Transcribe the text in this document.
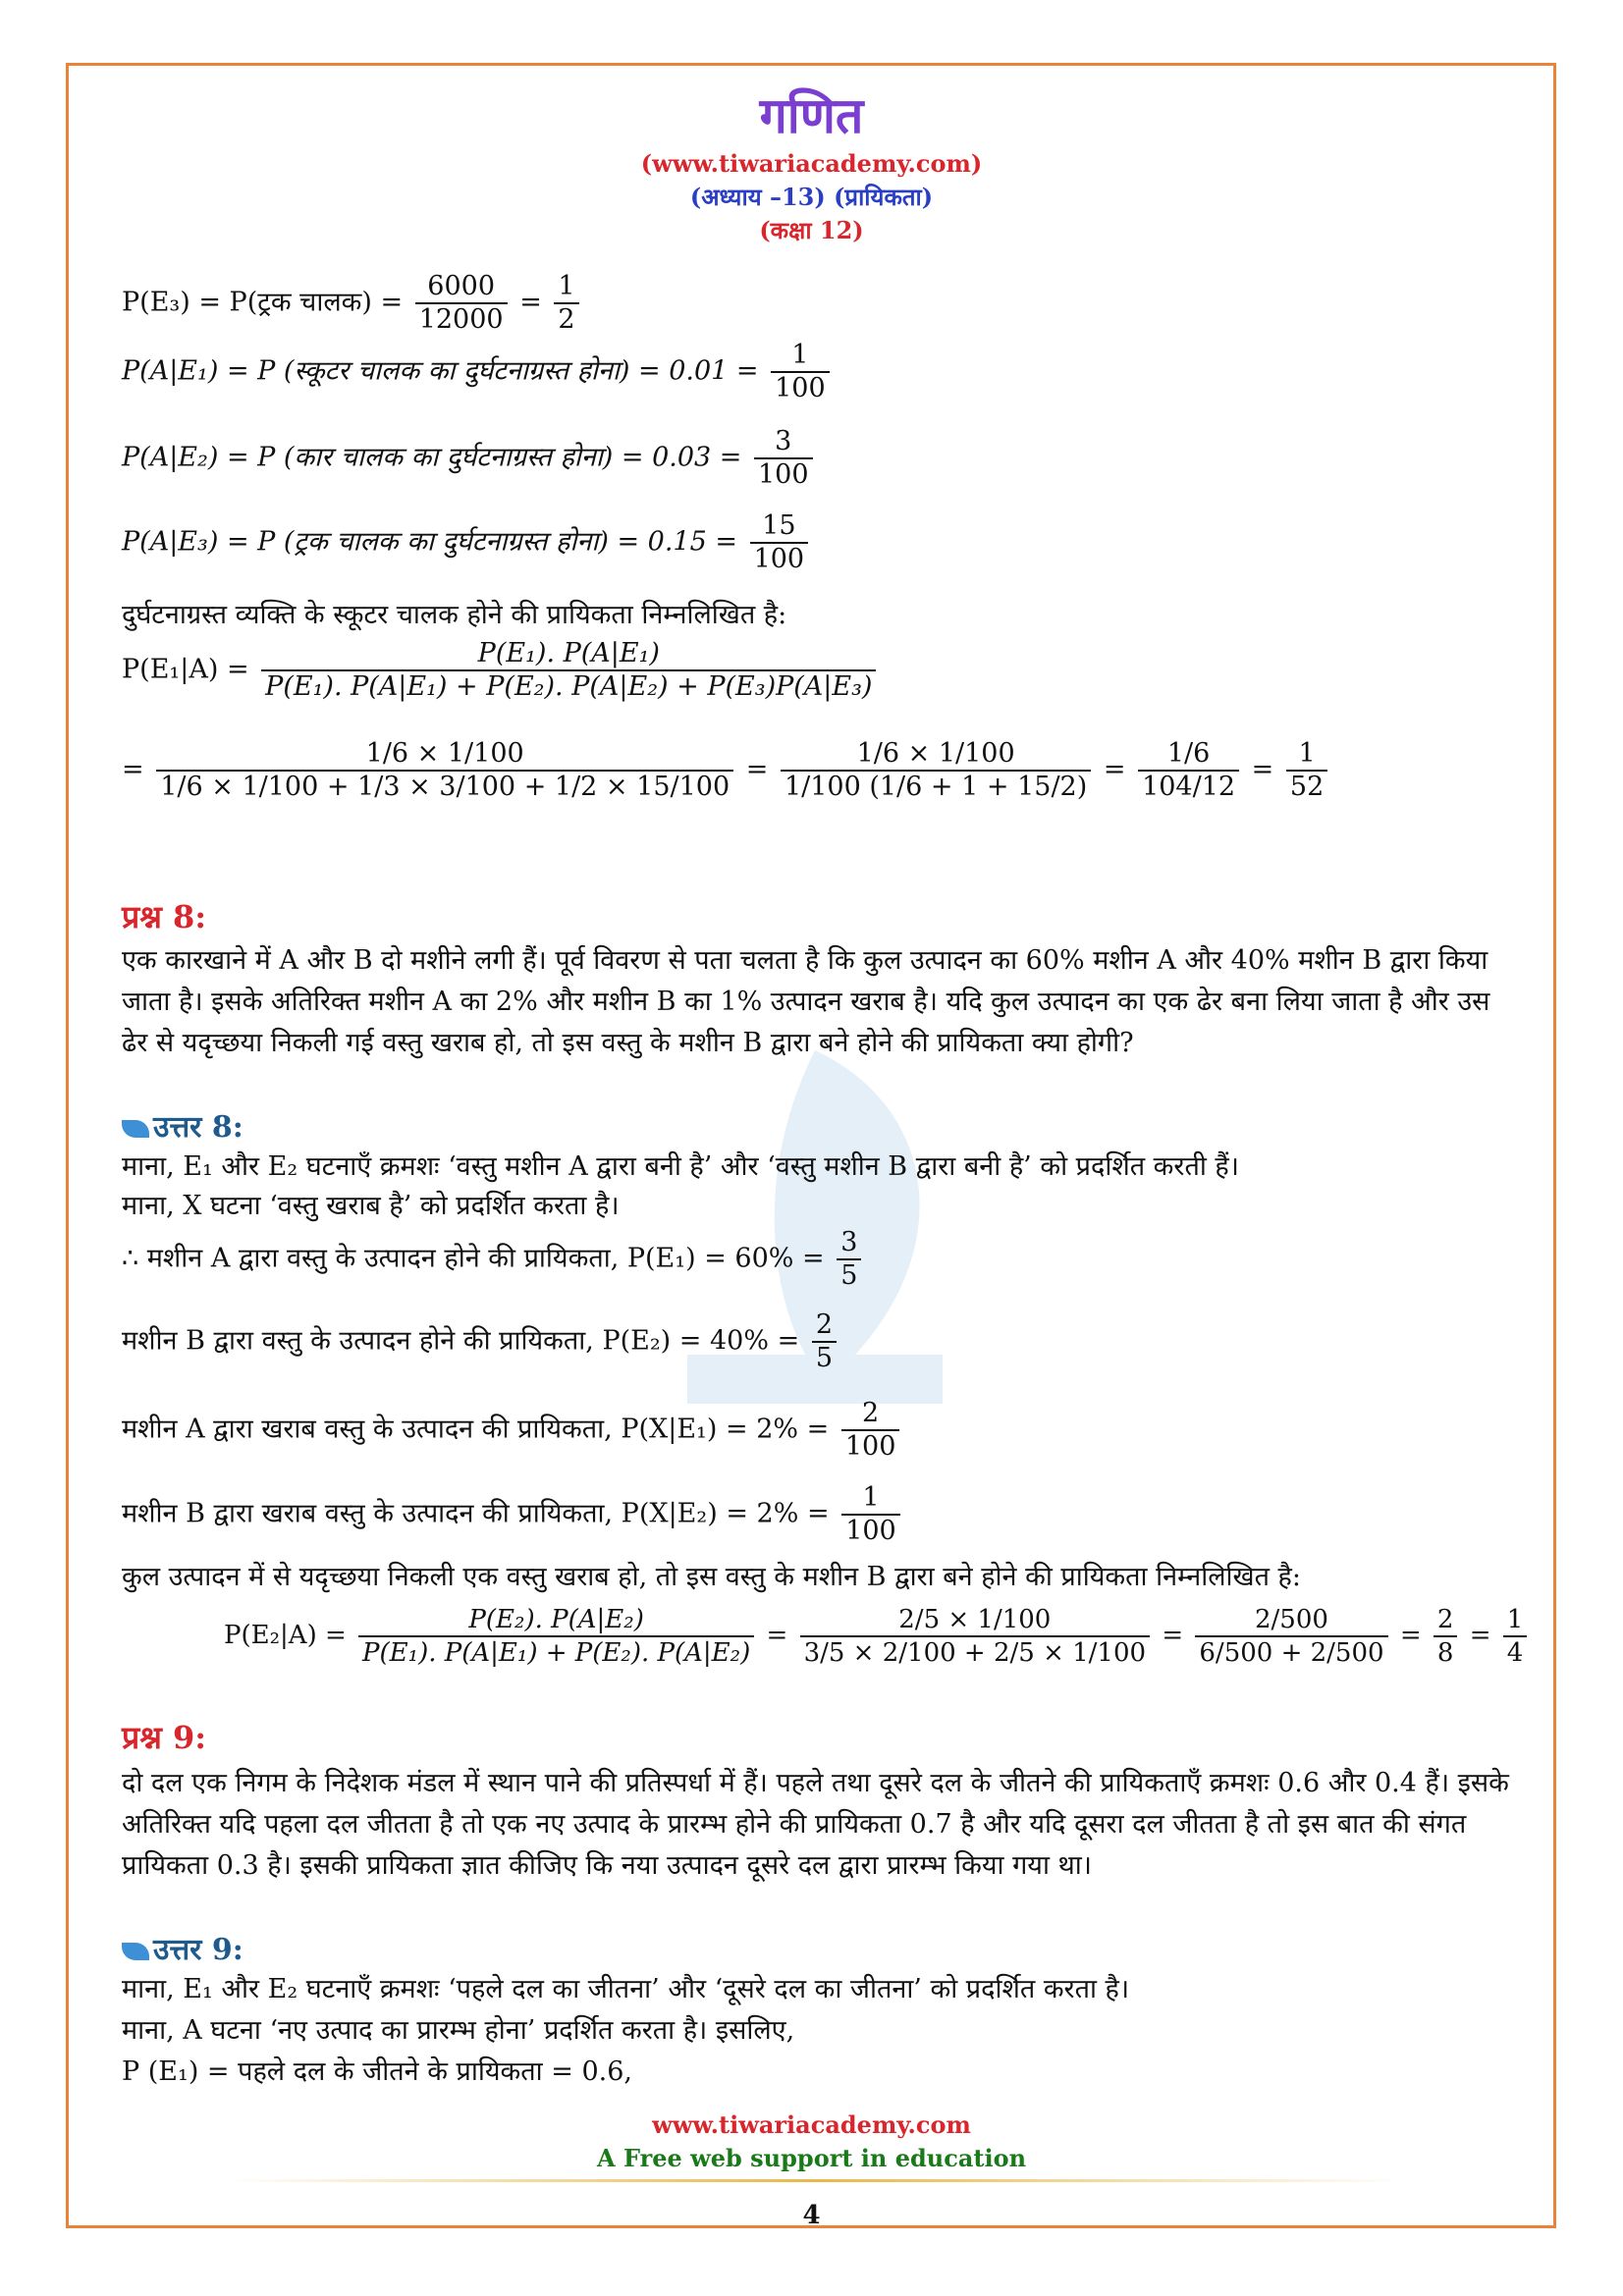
गणित
(www.tiwariacademy.com)
(अध्याय –13) (प्रायिकता)
(कक्षा 12)
P(E₃) = P(ट्रक चालक) = $\frac{6000}{12000} = \frac{1}{2}$
P(A|E₁) = P (स्कूटर चालक का दुर्घटनाग्रस्त होना) = $0.01 = \frac{1}{100}$
P(A|E₂) = P (कार चालक का दुर्घटनाग्रस्त होना) = $0.03 = \frac{3}{100}$
P(A|E₃) = P (ट्रक चालक का दुर्घटनाग्रस्त होना) = $0.15 = \frac{15}{100}$
दुर्घटनाग्रस्त व्यक्ति के स्कूटर चालक होने की प्रायिकता निम्नलिखित है:
$P(E_1|A) = \frac{\text{P(E₁). P(A|E₁)}}{\text{P(E₁). P(A|E₁) + P(E₂). P(A|E₂) + P(E₃)P(A|E₃)}}$
= $\frac{1/6 \times 1/100}{1/6 \times 1/100 + 1/3 \times 3/100 + 1/2 \times 15/100} = \frac{1/6 \times 1/100}{1/100 (1/6 + 1 + 15/2)} = \frac{1/6}{104/12} = \frac{1}{52}$
प्रश्न 8:
एक कारखाने में A और B दो मशीने लगी हैं। पूर्व विवरण से पता चलता है कि कुल उत्पादन का 60% मशीन A और 40% मशीन B द्वारा किया जाता है। इसके अतिरिक्त मशीन A का 2% और मशीन B का 1% उत्पादन खराब है। यदि कुल उत्पादन का एक ढेर बना लिया जाता है और उस ढेर से यदृच्छया निकली गई वस्तु खराब हो, तो इस वस्तु के मशीन B द्वारा बने होने की प्रायिकता क्या होगी?
उत्तर 8:
माना, E₁ और E₂ घटनाएँ क्रमशः ‘वस्तु मशीन A द्वारा बनी है’ और ‘वस्तु मशीन B द्वारा बनी है’ को प्रदर्शित करती हैं।
माना, X घटना ‘वस्तु खराब है’ को प्रदर्शित करता है।
∴ मशीन A द्वारा वस्तु के उत्पादन होने की प्रायिकता, $P(E_1) = 60\% = \frac{3}{5}$
मशीन B द्वारा वस्तु के उत्पादन होने की प्रायिकता, $P(E_2) = 40\% = \frac{2}{5}$
मशीन A द्वारा खराब वस्तु के उत्पादन की प्रायिकता, $P(X|E_1) = 2\% = \frac{2}{100}$
मशीन B द्वारा खराब वस्तु के उत्पादन की प्रायिकता, $P(X|E_2) = 2\% = \frac{1}{100}$
कुल उत्पादन में से यदृच्छया निकली एक वस्तु खराब हो, तो इस वस्तु के मशीन B द्वारा बने होने की प्रायिकता निम्नलिखित है:
$P(E_2|A) = \frac{\text{P(E₂). P(A|E₂)}}{\text{P(E₁). P(A|E₁) + P(E₂). P(A|E₂)}} = \frac{2/5 \times 1/100}{3/5 \times 2/100 + 2/5 \times 1/100} = \frac{2/500}{6/500 + 2/500} = \frac{2}{8} = \frac{1}{4}$
प्रश्न 9:
दो दल एक निगम के निदेशक मंडल में स्थान पाने की प्रतिस्पर्धा में हैं। पहले तथा दूसरे दल के जीतने की प्रायिकताएँ क्रमशः 0.6 और 0.4 हैं। इसके अतिरिक्त यदि पहला दल जीतता है तो एक नए उत्पाद के प्रारम्भ होने की प्रायिकता 0.7 है और यदि दूसरा दल जीतता है तो इस बात की संगत प्रायिकता 0.3 है। इसकी प्रायिकता ज्ञात कीजिए कि नया उत्पादन दूसरे दल द्वारा प्रारम्भ किया गया था।
उत्तर 9:
माना, E₁ और E₂ घटनाएँ क्रमशः ‘पहले दल का जीतना’ और ‘दूसरे दल का जीतना’ को प्रदर्शित करता है।
माना, A घटना ‘नए उत्पाद का प्रारम्भ होना’ प्रदर्शित करता है। इसलिए,
P (E₁) = पहले दल के जीतने के प्रायिकता = 0.6,
www.tiwariacademy.com
A Free web support in education
4
